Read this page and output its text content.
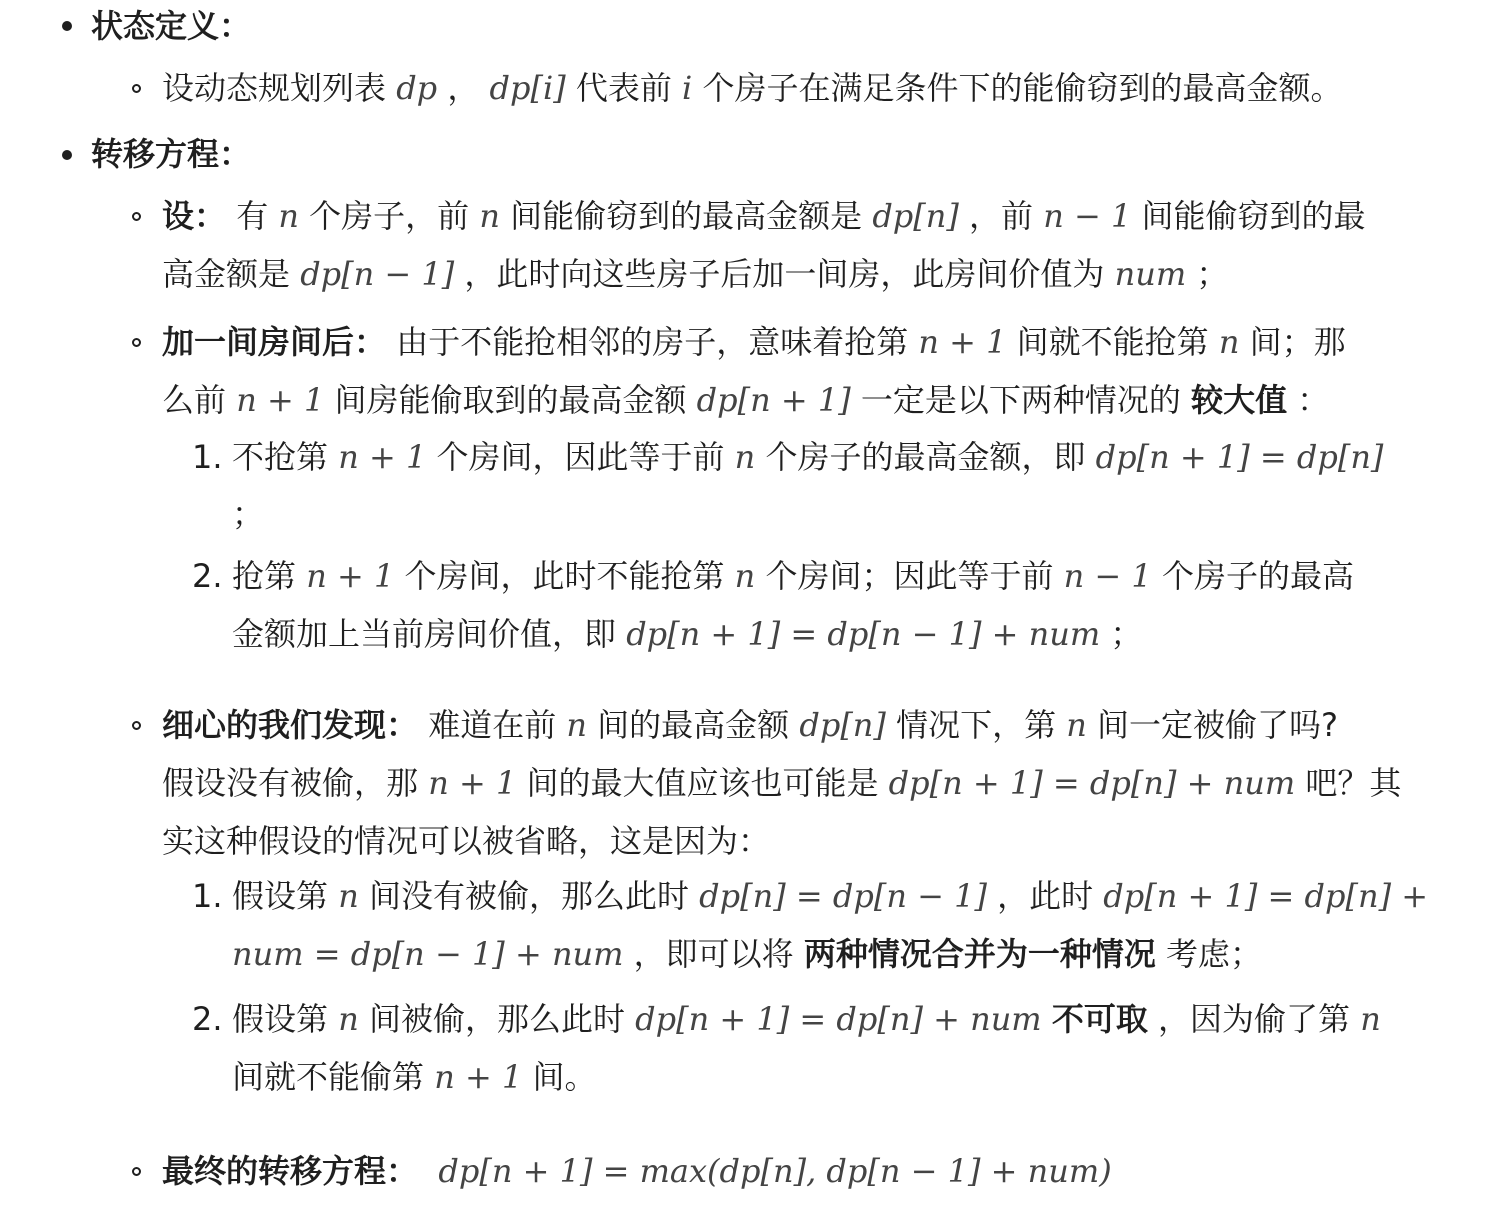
状态定义：
设动态规划列表 dp ， dp[i] 代表前 i 个房子在满足条件下的能偷窃到的最高金额。
转移方程：
设： 有 n 个房子，前 n 间能偷窃到的最高金额是 dp[n] ，前 n − 1 间能偷窃到的最
高金额是 dp[n − 1] ，此时向这些房子后加一间房，此房间价值为 num ；
加一间房间后： 由于不能抢相邻的房子，意味着抢第 n + 1 间就不能抢第 n 间；那
么前 n + 1 间房能偷取到的最高金额 dp[n + 1] 一定是以下两种情况的 较大值 ：
1. 不抢第 n + 1 个房间，因此等于前 n 个房子的最高金额，即 dp[n + 1] = dp[n]
；
2. 抢第 n + 1 个房间，此时不能抢第 n 个房间；因此等于前 n − 1 个房子的最高
金额加上当前房间价值，即 dp[n + 1] = dp[n − 1] + num ；
细心的我们发现： 难道在前 n 间的最高金额 dp[n] 情况下，第 n 间一定被偷了吗?
假设没有被偷，那 n + 1 间的最大值应该也可能是 dp[n + 1] = dp[n] + num 吧？其
实这种假设的情况可以被省略，这是因为：
1. 假设第 n 间没有被偷，那么此时 dp[n] = dp[n − 1] ，此时 dp[n + 1] = dp[n] +
num = dp[n − 1] + num ，即可以将 两种情况合并为一种情况 考虑；
2. 假设第 n 间被偷，那么此时 dp[n + 1] = dp[n] + num 不可取 ，因为偷了第 n
间就不能偷第 n + 1 间。
最终的转移方程： dp[n + 1] = max(dp[n], dp[n − 1] + num)
